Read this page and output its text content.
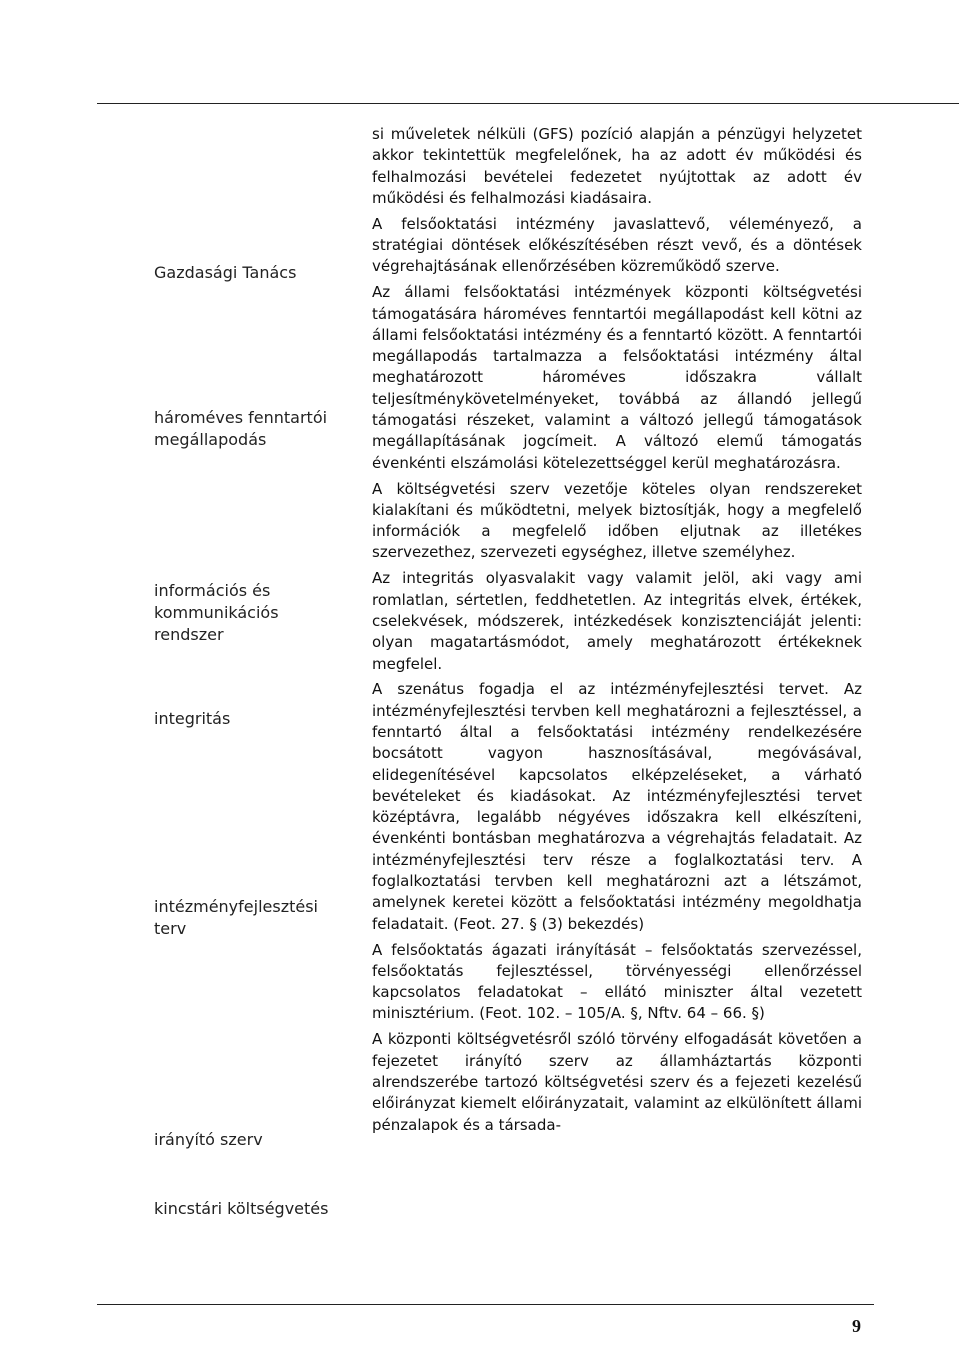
Gazdasági Tanács
hároméves fenntartói megállapodás
információs és kommunikációs rendszer
integritás
intézményfejlesztési terv
irányító szerv
kincstári költségvetés

si műveletek nélküli (GFS) pozíció alapján a pénzügyi helyzetet akkor tekintettük megfelelőnek, ha az adott év működési és felhalmozási bevételei fedezetet nyújtottak az adott év működési és felhalmozási kiadásaira.

A felsőoktatási intézmény javaslattevő, véleményező, a stratégiai döntések előkészítésében részt vevő, és a döntések végrehajtásának ellenőrzésében közreműködő szerve.

Az állami felsőoktatási intézmények központi költségvetési támogatására hároméves fenntartói megállapodást kell kötni az állami felsőoktatási intézmény és a fenntartó között. A fenntartói megállapodás tartalmazza a felsőoktatási intézmény által meghatározott hároméves időszakra vállalt teljesítménykövetelményeket, továbbá az állandó jellegű támogatási részeket, valamint a változó jellegű támogatások megállapításának jogcímeit. A változó elemű támogatás évenkénti elszámolási kötelezettséggel kerül meghatározásra.

A költségvetési szerv vezetője köteles olyan rendszereket kialakítani és működtetni, melyek biztosítják, hogy a megfelelő információk a megfelelő időben eljutnak az illetékes szervezethez, szervezeti egységhez, illetve személyhez.

Az integritás olyasvalakit vagy valamit jelöl, aki vagy ami romlatlan, sértetlen, feddhetetlen. Az integritás elvek, értékek, cselekvések, módszerek, intézkedések konzisztenciáját jelenti: olyan magatartásmódot, amely meghatározott értékeknek megfelel.

A szenátus fogadja el az intézményfejlesztési tervet. Az intézményfejlesztési tervben kell meghatározni a fejlesztéssel, a fenntartó által a felsőoktatási intézmény rendelkezésére bocsátott vagyon hasznosításával, megóvásával, elidegenítésével kapcsolatos elképzeléseket, a várható bevételeket és kiadásokat. Az intézményfejlesztési tervet középtávra, legalább négyéves időszakra kell elkészíteni, évenkénti bontásban meghatározva a végrehajtás feladatait. Az intézményfejlesztési terv része a foglalkoztatási terv. A foglalkoztatási tervben kell meghatározni azt a létszámot, amelynek keretei között a felsőoktatási intézmény megoldhatja feladatait. (Feot. 27. § (3) bekezdés)

A felsőoktatás ágazati irányítását – felsőoktatás szervezéssel, felsőoktatás fejlesztéssel, törvényességi ellenőrzéssel kapcsolatos feladatokat – ellátó miniszter által vezetett minisztérium. (Feot. 102. – 105/A. §, Nftv. 64 – 66. §)

A központi költségvetésről szóló törvény elfogadását követően a fejezetet irányító szerv az államháztartás központi alrendszerébe tartozó költségvetési szerv és a fejezeti kezelésű előirányzat kiemelt előirányzatait, valamint az elkülönített állami pénzalapok és a társada-

9
